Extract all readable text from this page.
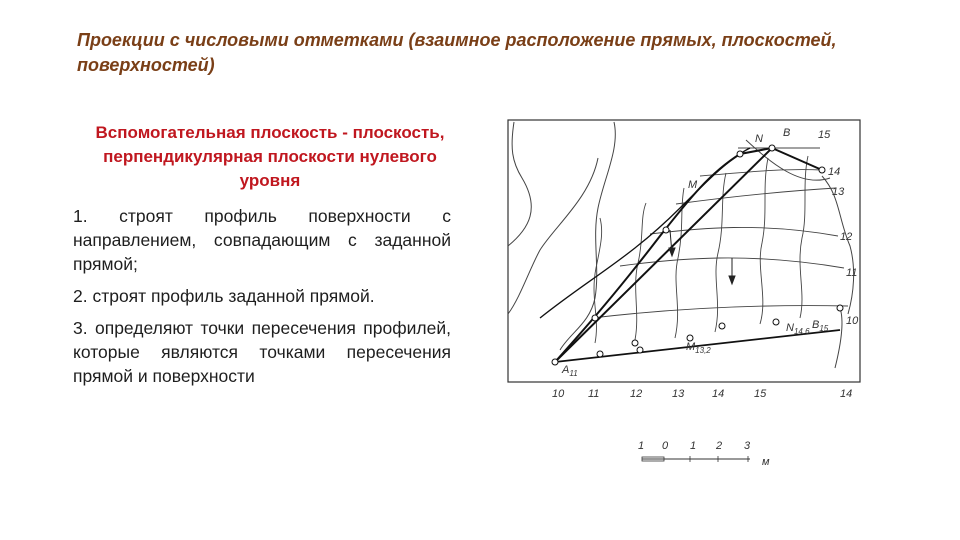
Проекции с числовыми отметками (взаимное расположение прямых, плоскостей, поверхностей)
Вспомогательная плоскость - плоскость, перпендикулярная плоскости нулевого уровня
1. строят профиль поверхности с направлением, совпадающим с заданной прямой;
2. строят профиль заданной прямой.
3. определяют точки пересечения профилей, которые являются точками пересечения прямой и поверхности	$A_{11}$
B
N
M
$M_{13,2}$
$N_{14,6}$
$B_{15}$
15
14
13
12
11
10
10 11	12	13	14	15	14
1 0 1 2 3
м
